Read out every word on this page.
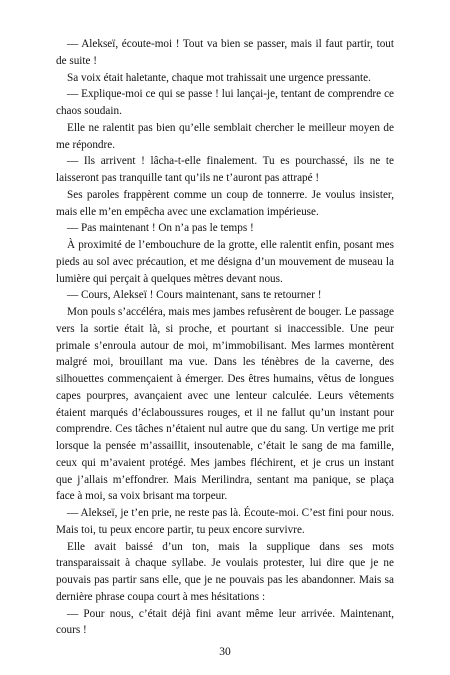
— Alekseï, écoute-moi ! Tout va bien se passer, mais il faut partir, tout de suite !

Sa voix était haletante, chaque mot trahissait une urgence pressante.

— Explique-moi ce qui se passe ! lui lançai-je, tentant de comprendre ce chaos soudain.

Elle ne ralentit pas bien qu’elle semblait chercher le meilleur moyen de me répondre.

— Ils arrivent ! lâcha-t-elle finalement. Tu es pourchassé, ils ne te laisseront pas tranquille tant qu’ils ne t’auront pas attrapé !

Ses paroles frappèrent comme un coup de tonnerre. Je voulus insister, mais elle m’en empêcha avec une exclamation impérieuse.

— Pas maintenant ! On n’a pas le temps !

À proximité de l’embouchure de la grotte, elle ralentit enfin, posant mes pieds au sol avec précaution, et me désigna d’un mouvement de museau la lumière qui perçait à quelques mètres devant nous.

— Cours, Alekseï ! Cours maintenant, sans te retourner !

Mon pouls s’accéléra, mais mes jambes refusèrent de bouger. Le passage vers la sortie était là, si proche, et pourtant si inaccessible. Une peur primale s’enroula autour de moi, m’immobilisant. Mes larmes montèrent malgré moi, brouillant ma vue. Dans les ténèbres de la caverne, des silhouettes commençaient à émerger. Des êtres humains, vêtus de longues capes pourpres, avançaient avec une lenteur calculée. Leurs vêtements étaient marqués d’éclaboussures rouges, et il ne fallut qu’un instant pour comprendre. Ces tâches n’étaient nul autre que du sang. Un vertige me prit lorsque la pensée m’assaillit, insoutenable, c’était le sang de ma famille, ceux qui m’avaient protégé. Mes jambes fléchirent, et je crus un instant que j’allais m’effondrer. Mais Merilindra, sentant ma panique, se plaça face à moi, sa voix brisant ma torpeur.

— Alekseï, je t’en prie, ne reste pas là. Écoute-moi. C’est fini pour nous. Mais toi, tu peux encore partir, tu peux encore survivre.

Elle avait baissé d’un ton, mais la supplique dans ses mots transparaissait à chaque syllabe. Je voulais protester, lui dire que je ne pouvais pas partir sans elle, que je ne pouvais pas les abandonner. Mais sa dernière phrase coupa court à mes hésitations :

— Pour nous, c’était déjà fini avant même leur arrivée. Maintenant, cours !

30
